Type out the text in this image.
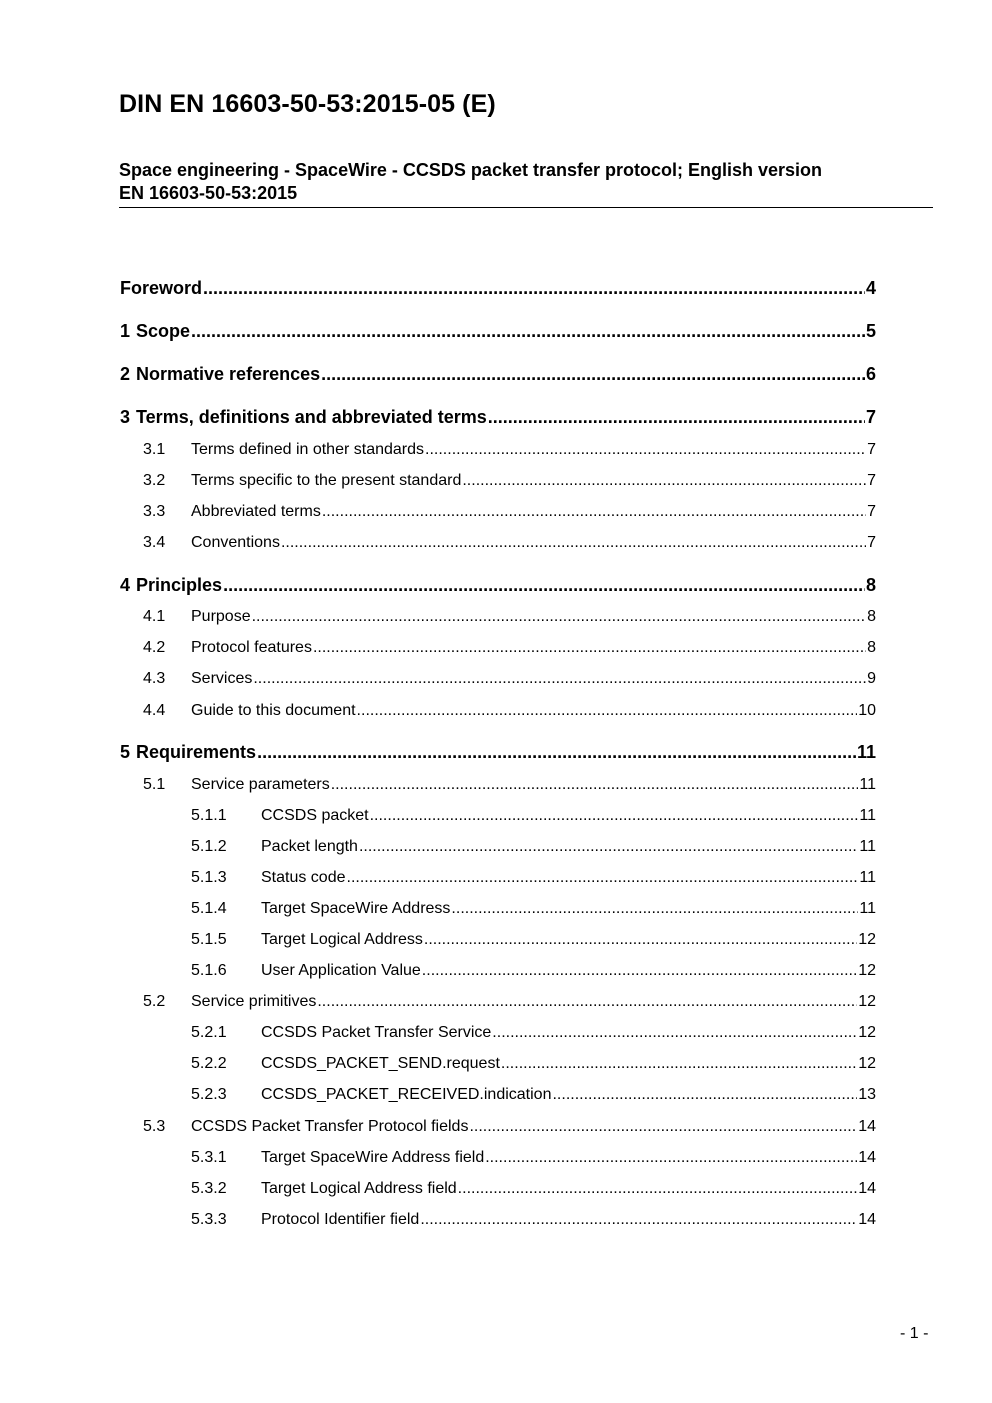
DIN EN 16603-50-53:2015-05 (E)
Space engineering - SpaceWire - CCSDS packet transfer protocol; English version
EN 16603-50-53:2015
Foreword .....	4
1 Scope .....	5
2 Normative references .....	6
3 Terms, definitions and abbreviated terms .....	7
3.1	Terms defined in other standards .....	7
3.2	Terms specific to the present standard .....	7
3.3	Abbreviated terms .....	7
3.4	Conventions .....	7
4 Principles .....	8
4.1	Purpose .....	8
4.2	Protocol features .....	8
4.3	Services .....	9
4.4	Guide to this document .....	10
5 Requirements .....	11
5.1	Service parameters .....	11
5.1.1	CCSDS packet .....	11
5.1.2	Packet length .....	11
5.1.3	Status code .....	11
5.1.4	Target SpaceWire Address .....	11
5.1.5	Target Logical Address .....	12
5.1.6	User Application Value .....	12
5.2	Service primitives .....	12
5.2.1	CCSDS Packet Transfer Service .....	12
5.2.2	CCSDS_PACKET_SEND.request .....	12
5.2.3	CCSDS_PACKET_RECEIVED.indication .....	13
5.3	CCSDS Packet Transfer Protocol fields .....	14
5.3.1	Target SpaceWire Address field .....	14
5.3.2	Target Logical Address field .....	14
5.3.3	Protocol Identifier field .....	14
- 1 -
